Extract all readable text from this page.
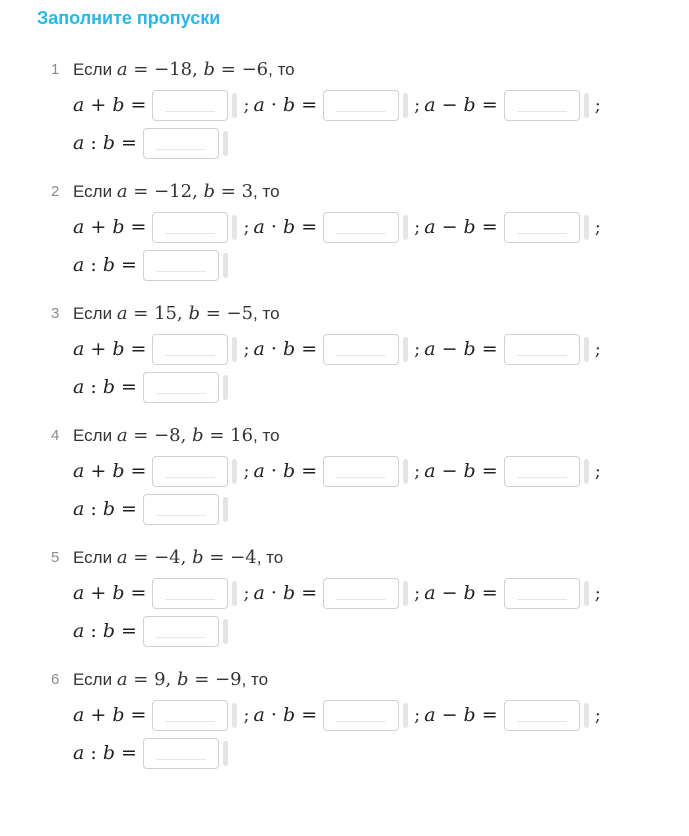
Заполните пропуски
1 Если a = −18, b = −6, то
a + b =	; a · b =	; a − b =	;
a : b =
2 Если a = −12, b = 3, то
a + b =	; a · b =	; a − b =	;
a : b =
3 Если a = 15, b = −5, то
a + b =	; a · b =	; a − b =	;
a : b =
4 Если a = −8, b = 16, то
a + b =	; a · b =	; a − b =	;
a : b =
5 Если a = −4, b = −4, то
a + b =	; a · b =	; a − b =	;
a : b =
6 Если a = 9, b = −9, то
a + b =	; a · b =	; a − b =	;
a : b =
